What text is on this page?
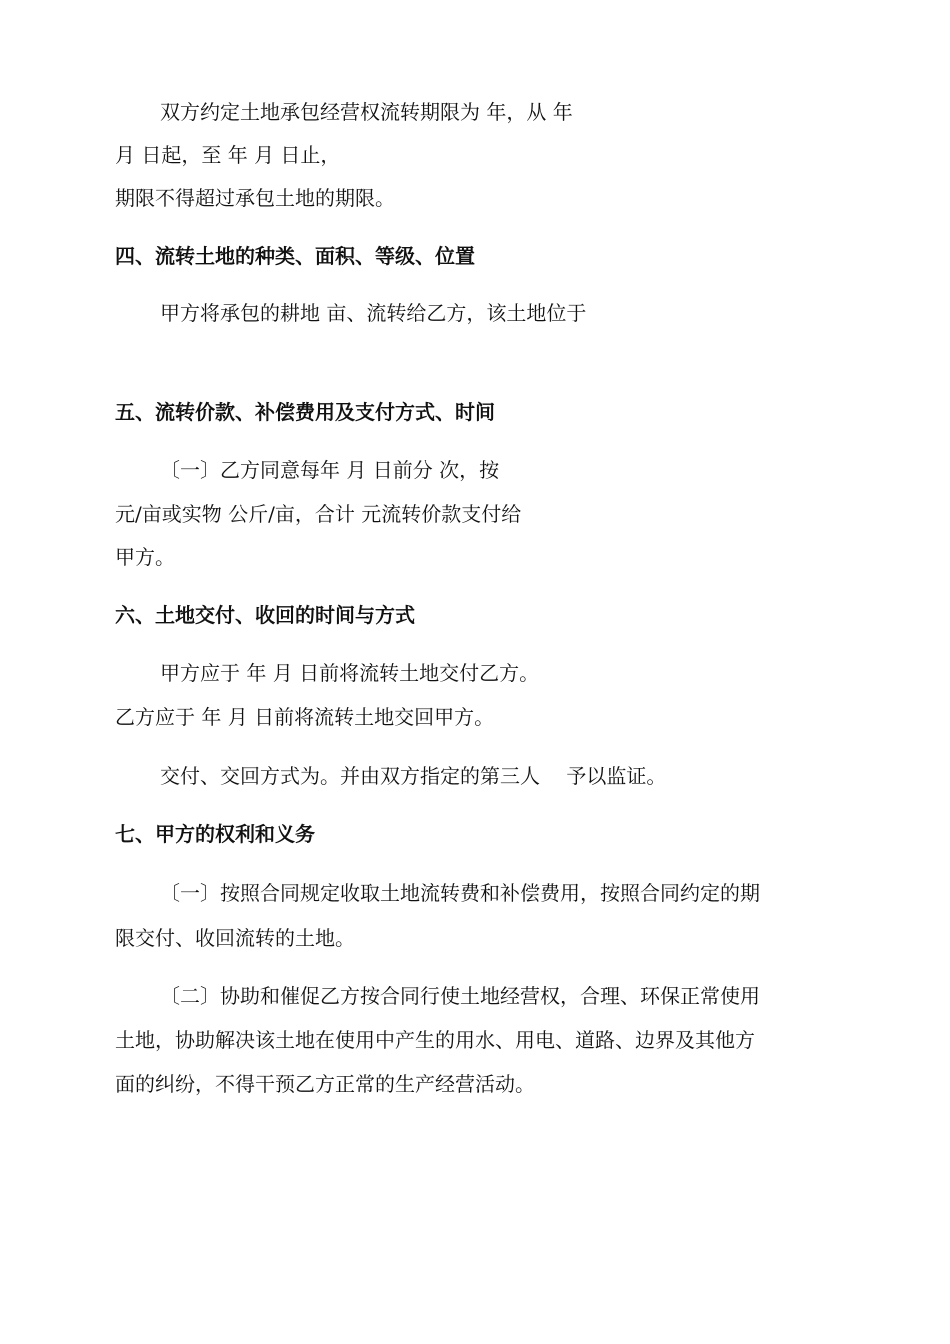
双方约定土地承包经营权流转期限为 年，从 年
月 日起，至 年 月 日止，
期限不得超过承包土地的期限。
四、流转土地的种类、面积、等级、位置
甲方将承包的耕地 亩、流转给乙方，该土地位于
五、流转价款、补偿费用及支付方式、时间
〔一〕乙方同意每年 月 日前分 次，按
元/亩或实物 公斤/亩，合计 元流转价款支付给
甲方。
六、土地交付、收回的时间与方式
甲方应于 年 月 日前将流转土地交付乙方。
乙方应于 年 月 日前将流转土地交回甲方。
交付、交回方式为。并由双方指定的第三人　 予以监证。
七、甲方的权利和义务
〔一〕按照合同规定收取土地流转费和补偿费用，按照合同约定的期
限交付、收回流转的土地。
〔二〕协助和催促乙方按合同行使土地经营权，合理、环保正常使用
土地，协助解决该土地在使用中产生的用水、用电、道路、边界及其他方
面的纠纷，不得干预乙方正常的生产经营活动。
